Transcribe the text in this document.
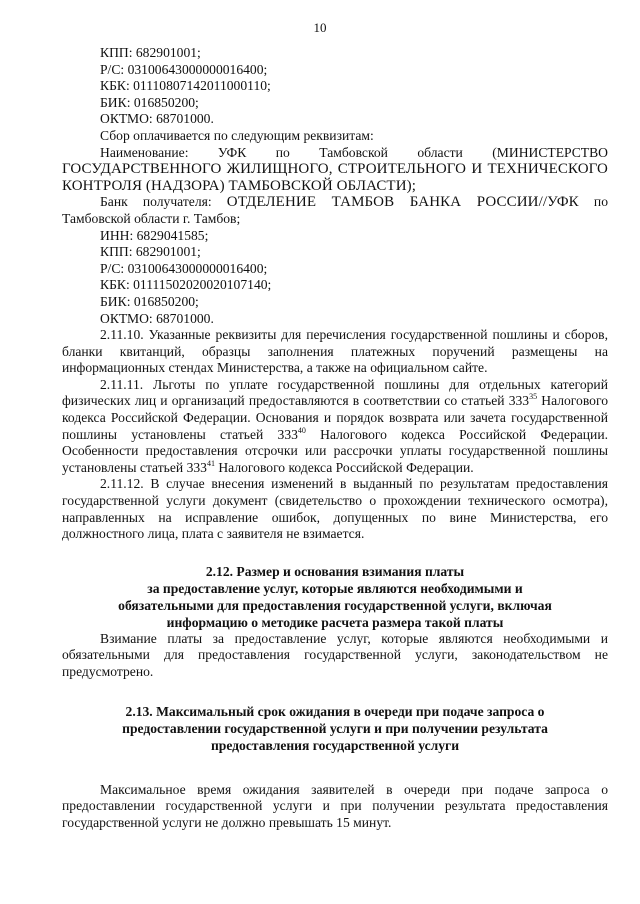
10
КПП: 682901001;
Р/С: 03100643000000016400;
КБК: 01110807142011000110;
БИК: 016850200;
ОКТМО: 68701000.
Сбор оплачивается по следующим реквизитам:
Наименование: УФК по Тамбовской области (МИНИСТЕРСТВО
ГОСУДАРСТВЕННОГО ЖИЛИЩНОГО, СТРОИТЕЛЬНОГО И ТЕХНИЧЕСКОГО
КОНТРОЛЯ (НАДЗОРА) ТАМБОВСКОЙ ОБЛАСТИ);
Банк получателя: ОТДЕЛЕНИЕ ТАМБОВ БАНКА РОССИИ//УФК по
Тамбовской области г. Тамбов;
ИНН: 6829041585;
КПП: 682901001;
Р/С: 03100643000000016400;
КБК: 01111502020020107140;
БИК: 016850200;
ОКТМО: 68701000.
2.11.10. Указанные реквизиты для перечисления государственной пошлины и сборов, бланки квитанций, образцы заполнения платежных поручений размещены на информационных стендах Министерства, а также на официальном сайте.
2.11.11. Льготы по уплате государственной пошлины для отдельных категорий физических лиц и организаций предоставляются в соответствии со статьей $333^{35}$ Налогового кодекса Российской Федерации. Основания и порядок возврата или зачета государственной пошлины установлены статьей $333^{40}$ Налогового кодекса Российской Федерации. Особенности предоставления отсрочки или рассрочки уплаты государственной пошлины установлены статьей $333^{41}$ Налогового кодекса Российской Федерации.
2.11.12. В случае внесения изменений в выданный по результатам предоставления государственной услуги документ (свидетельство о прохождении технического осмотра), направленных на исправление ошибок, допущенных по вине Министерства, его должностного лица, плата с заявителя не взимается.
2.12. Размер и основания взимания платы
за предоставление услуг, которые являются необходимыми и
обязательными для предоставления государственной услуги, включая
информацию о методике расчета размера такой платы
Взимание платы за предоставление услуг, которые являются необходимыми и обязательными для предоставления государственной услуги, законодательством не предусмотрено.
2.13. Максимальный срок ожидания в очереди при подаче запроса о
предоставлении государственной услуги и при получении результата
предоставления государственной услуги
Максимальное время ожидания заявителей в очереди при подаче запроса о предоставлении государственной услуги и при получении результата предоставления государственной услуги не должно превышать 15 минут.
